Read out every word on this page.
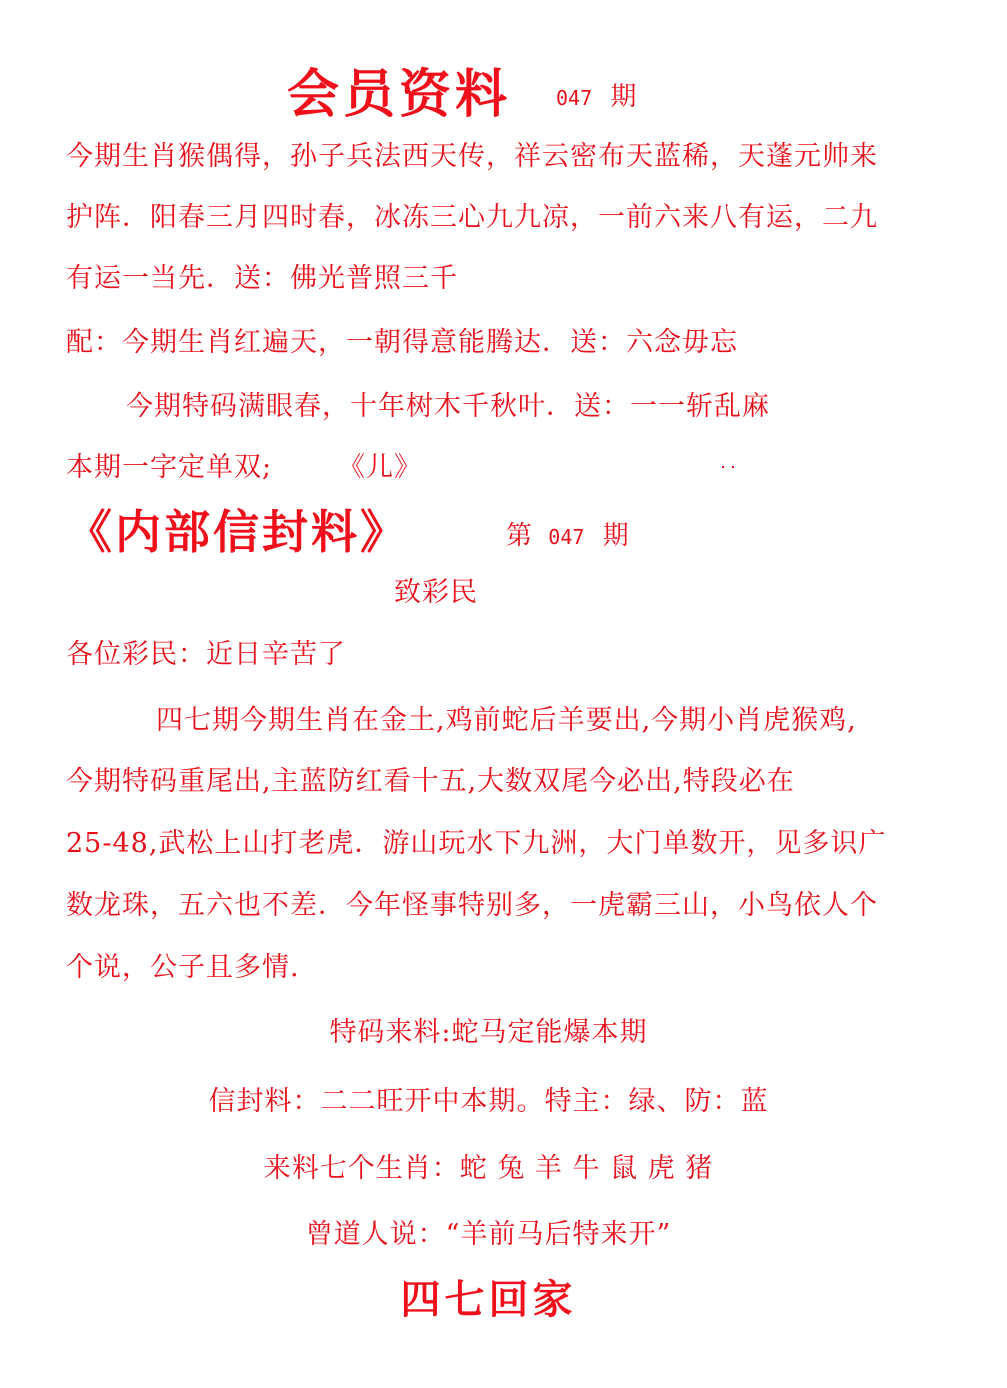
会员资料 047 期
今期生肖猴偶得，孙子兵法西天传，祥云密布天蓝稀，天蓬元帅来
护阵．阳春三月四时春，冰冻三心九九凉，一前六来八有运，二九
有运一当先．送：佛光普照三千
配：今期生肖红遍天，一朝得意能腾达．送：六念毋忘
今期特码满眼春，十年树木千秋叶．送：一一斩乱麻
本期一字定单双; 《儿》
《内部信封料》	第 047 期
致彩民
各位彩民：近日辛苦了
四七期今期生肖在金土,鸡前蛇后羊要出,今期小肖虎猴鸡,
今期特码重尾出,主蓝防红看十五,大数双尾今必出,特段必在
25-48,武松上山打老虎．游山玩水下九洲，大门单数开，见多识广
数龙珠，五六也不差．今年怪事特别多，一虎霸三山，小鸟依人个
个说，公子且多情.
特码来料:蛇马定能爆本期
信封料：二二旺开中本期。特主：绿、防：蓝
来料七个生肖：蛇 兔 羊 牛 鼠 虎 猪
曾道人说：“羊前马后特来开”
四七回家
